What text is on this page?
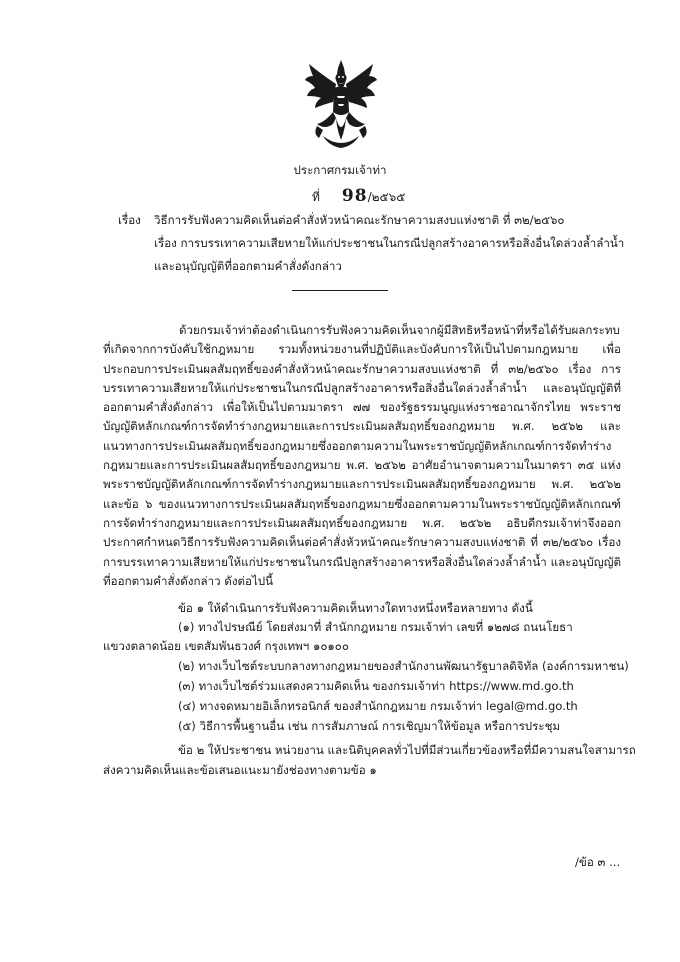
ประกาศกรมเจ้าท่า
ที่ 98/๒๕๖๕
เรื่อง วิธีการรับฟังความคิดเห็นต่อคำสั่งหัวหน้าคณะรักษาความสงบแห่งชาติ ที่ ๓๒/๒๕๖๐
เรื่อง การบรรเทาความเสียหายให้แก่ประชาชนในกรณีปลูกสร้างอาคารหรือสิ่งอื่นใดล่วงล้ำลำน้ำ
และอนุบัญญัติที่ออกตามคำสั่งดังกล่าว

ด้วยกรมเจ้าท่าต้องดำเนินการรับฟังความคิดเห็นจากผู้มีสิทธิหรือหน้าที่หรือได้รับผลกระทบที่เกิดจากการบังคับใช้กฎหมาย รวมทั้งหน่วยงานที่ปฏิบัติและบังคับการให้เป็นไปตามกฎหมาย เพื่อประกอบการประเมินผลสัมฤทธิ์ของคำสั่งหัวหน้าคณะรักษาความสงบแห่งชาติ ที่ ๓๒/๒๕๖๐ เรื่อง การบรรเทาความเสียหายให้แก่ประชาชนในกรณีปลูกสร้างอาคารหรือสิ่งอื่นใดล่วงล้ำลำน้ำ และอนุบัญญัติที่ออกตามคำสั่งดังกล่าว เพื่อให้เป็นไปตามมาตรา ๗๗ ของรัฐธรรมนูญแห่งราชอาณาจักรไทย พระราชบัญญัติหลักเกณฑ์การจัดทำร่างกฎหมายและการประเมินผลสัมฤทธิ์ของกฎหมาย พ.ศ. ๒๕๖๒ และแนวทางการประเมินผลสัมฤทธิ์ของกฎหมายซึ่งออกตามความในพระราชบัญญัติหลักเกณฑ์การจัดทำร่างกฎหมายและการประเมินผลสัมฤทธิ์ของกฎหมาย พ.ศ. ๒๕๖๒ อาศัยอำนาจตามความในมาตรา ๓๕ แห่งพระราชบัญญัติหลักเกณฑ์การจัดทำร่างกฎหมายและการประเมินผลสัมฤทธิ์ของกฎหมาย พ.ศ. ๒๕๖๒ และข้อ ๖ ของแนวทางการประเมินผลสัมฤทธิ์ของกฎหมายซึ่งออกตามความในพระราชบัญญัติหลักเกณฑ์การจัดทำร่างกฎหมายและการประเมินผลสัมฤทธิ์ของกฎหมาย พ.ศ. ๒๕๖๒ อธิบดีกรมเจ้าท่าจึงออกประกาศกำหนดวิธีการรับฟังความคิดเห็นต่อคำสั่งหัวหน้าคณะรักษาความสงบแห่งชาติ ที่ ๓๒/๒๕๖๐ เรื่อง การบรรเทาความเสียหายให้แก่ประชาชนในกรณีปลูกสร้างอาคารหรือสิ่งอื่นใดล่วงล้ำลำน้ำ และอนุบัญญัติที่ออกตามคำสั่งดังกล่าว ดังต่อไปนี้

ข้อ ๑ ให้ดำเนินการรับฟังความคิดเห็นทางใดทางหนึ่งหรือหลายทาง ดังนี้
(๑) ทางไปรษณีย์ โดยส่งมาที่ สำนักกฎหมาย กรมเจ้าท่า เลขที่ ๑๒๗๘ ถนนโยธา
แขวงตลาดน้อย เขตสัมพันธวงศ์ กรุงเทพฯ ๑๐๑๐๐
(๒) ทางเว็บไซต์ระบบกลางทางกฎหมายของสำนักงานพัฒนารัฐบาลดิจิทัล (องค์การมหาชน)
(๓) ทางเว็บไซต์ร่วมแสดงความคิดเห็น ของกรมเจ้าท่า https://www.md.go.th
(๔) ทางจดหมายอิเล็กทรอนิกส์ ของสำนักกฎหมาย กรมเจ้าท่า legal@md.go.th
(๕) วิธีการพื้นฐานอื่น เช่น การสัมภาษณ์ การเชิญมาให้ข้อมูล หรือการประชุม
ข้อ ๒ ให้ประชาชน หน่วยงาน และนิติบุคคลทั่วไปที่มีส่วนเกี่ยวข้องหรือที่มีความสนใจสามารถ
ส่งความคิดเห็นและข้อเสนอแนะมายังช่องทางตามข้อ ๑
/ข้อ ๓ ...
